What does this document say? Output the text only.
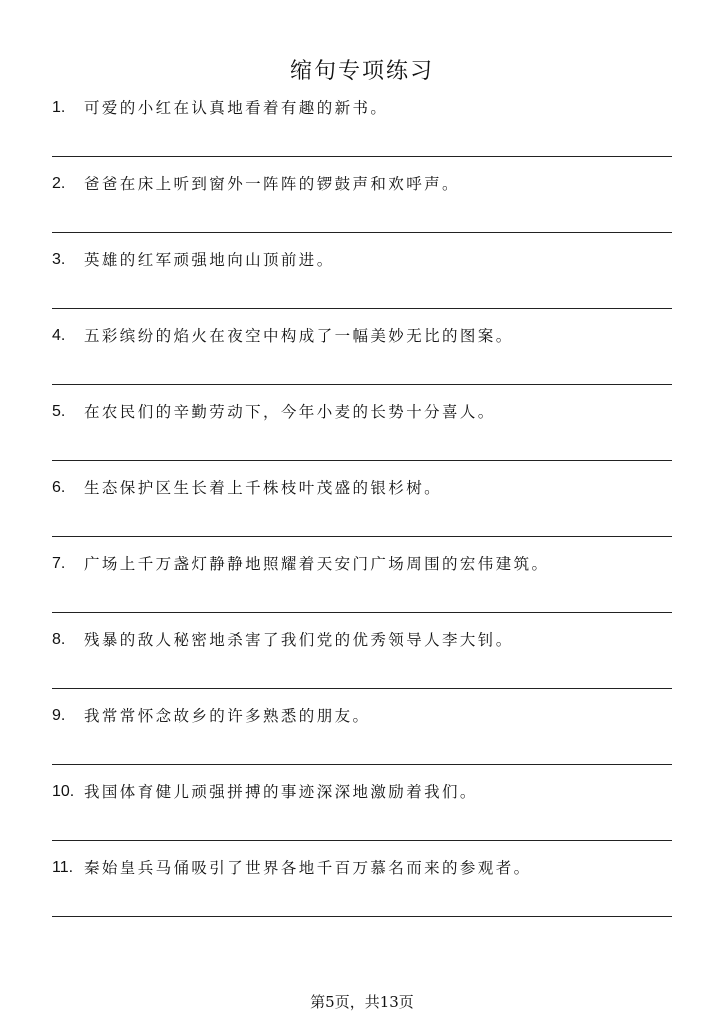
缩句专项练习
1. 可爱的小红在认真地看着有趣的新书。
2. 爸爸在床上听到窗外一阵阵的锣鼓声和欢呼声。
3. 英雄的红军顽强地向山顶前进。
4. 五彩缤纷的焰火在夜空中构成了一幅美妙无比的图案。
5. 在农民们的辛勤劳动下，今年小麦的长势十分喜人。
6. 生态保护区生长着上千株枝叶茂盛的银杉树。
7. 广场上千万盏灯静静地照耀着天安门广场周围的宏伟建筑。
8. 残暴的敌人秘密地杀害了我们党的优秀领导人李大钊。
9. 我常常怀念故乡的许多熟悉的朋友。
10. 我国体育健儿顽强拼搏的事迹深深地激励着我们。
11. 秦始皇兵马俑吸引了世界各地千百万慕名而来的参观者。
第5页，共13页
